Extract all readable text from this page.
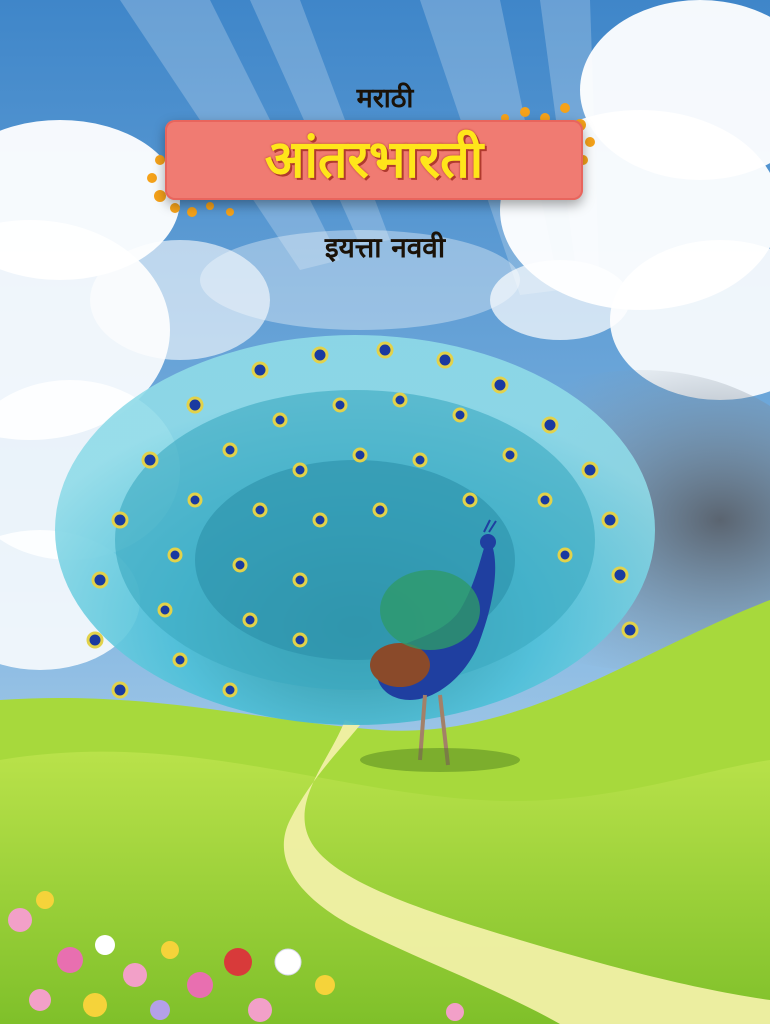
मराठी
आंतरभारती
इयत्ता नववी
